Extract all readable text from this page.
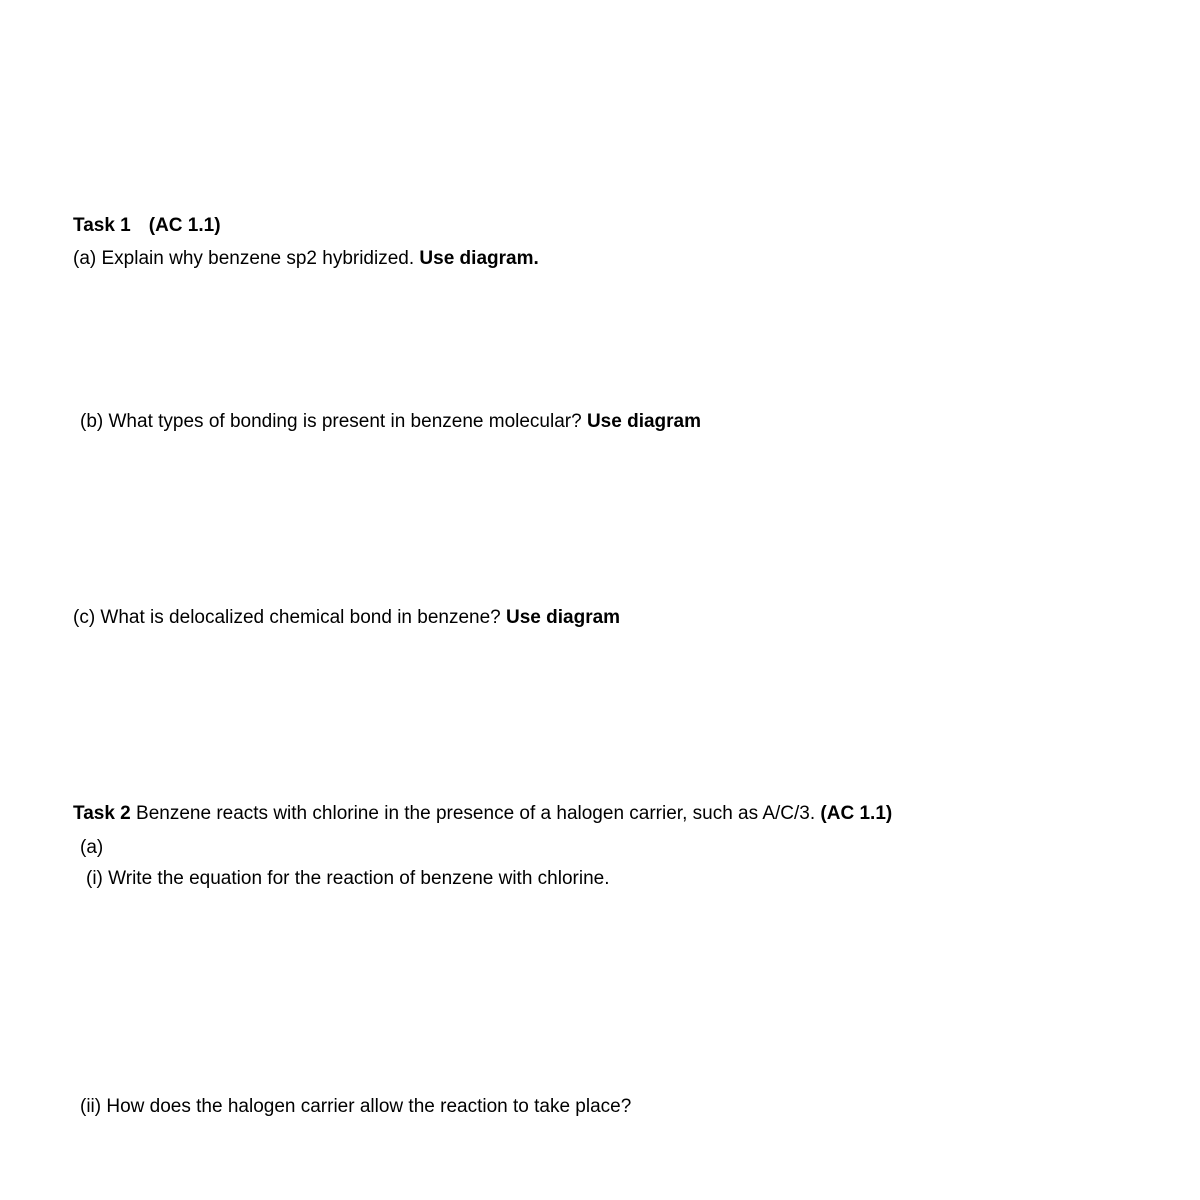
Task 1 (AC 1.1)
(a) Explain why benzene sp2 hybridized. Use diagram.
(b) What types of bonding is present in benzene molecular? Use diagram
(c) What is delocalized chemical bond in benzene? Use diagram
Task 2 Benzene reacts with chlorine in the presence of a halogen carrier, such as A/C/3. (AC 1.1)
(a)
(i) Write the equation for the reaction of benzene with chlorine.
(ii) How does the halogen carrier allow the reaction to take place?
